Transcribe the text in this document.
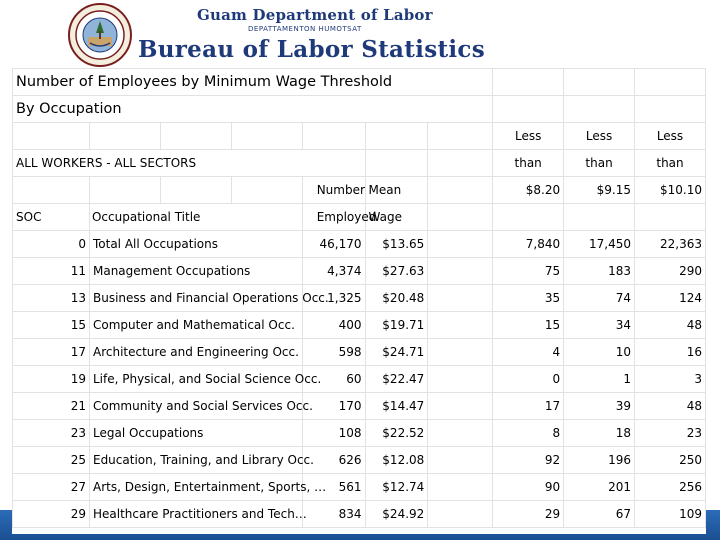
Guam Department of Labor
DEPATTAMENTON HUMOTSAT
Bureau of Labor Statistics
Number of Employees by Minimum Wage Threshold									
By Occupation									
							Less	Less	Less
ALL WORKERS - ALL SECTORS							than	than	than
				Number	Mean		$8.20	$9.15	$10.10
SOC	Occupational Title			Employed	Wage				
0	Total All Occupations			46,170	$13.65		7,840	17,450	22,363
11	Management Occupations			4,374	$27.63		75	183	290
13	Business and Financial Operations Occ.			1,325	$20.48		35	74	124
15	Computer and Mathematical Occ.			400	$19.71		15	34	48
17	Architecture and Engineering Occ.			598	$24.71		4	10	16
19	Life, Physical, and Social Science Occ.			60	$22.47		0	1	3
21	Community and Social Services Occ.			170	$14.47		17	39	48
23	Legal Occupations			108	$22.52		8	18	23
25	Education, Training, and Library Occ.			626	$12.08		92	196	250
27	Arts, Design, Entertainment, Sports, …			561	$12.74		90	201	256
29	Healthcare Practitioners and Tech…			834	$24.92		29	67	109
